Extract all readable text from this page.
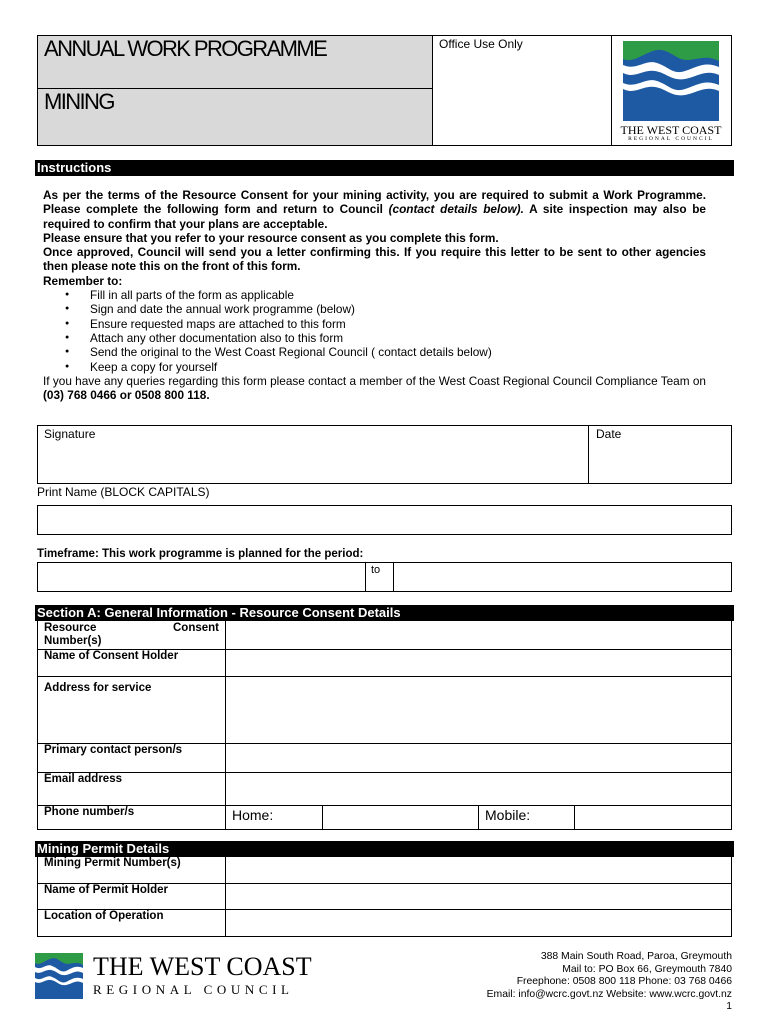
ANNUAL WORK PROGRAMME
MINING
Office Use Only
THE WEST COAST
REGIONAL COUNCIL
Instructions

As per the terms of the Resource Consent for your mining activity, you are required to submit a Work Programme. Please complete the following form and return to Council (contact details below). A site inspection may also be required to confirm that your plans are acceptable.

Please ensure that you refer to your resource consent as you complete this form.

Once approved, Council will send you a letter confirming this. If you require this letter to be sent to other agencies then please note this on the front of this form.

Remember to:

● Fill in all parts of the form as applicable
● Sign and date the annual work programme (below)
● Ensure requested maps are attached to this form
● Attach any other documentation also to this form
● Send the original to the West Coast Regional Council ( contact details below)
● Keep a copy for yourself

If you have any queries regarding this form please contact a member of the West Coast Regional Council Compliance Team on (03) 768 0466 or 0508 800 118.

Signature	Date
Print Name (BLOCK CAPITALS)
Timeframe: This work programme is planned for the period:
to
Section A: General Information - Resource Consent Details
Resource Consent
Number(s)	

Name of Consent Holder	
Address for service	
Primary contact person/s	
Email address	
Phone number/s	Home: Mobile:
Mining Permit Details
Mining Permit Number(s)	
Name of Permit Holder	
Location of Operation	
THE WEST COAST
REGIONAL COUNCIL
388 Main South Road, Paroa, Greymouth
Mail to: PO Box 66, Greymouth 7840
Freephone: 0508 800 118 Phone: 03 768 0466
Email: info@wcrc.govt.nz Website: www.wcrc.govt.nz
1
